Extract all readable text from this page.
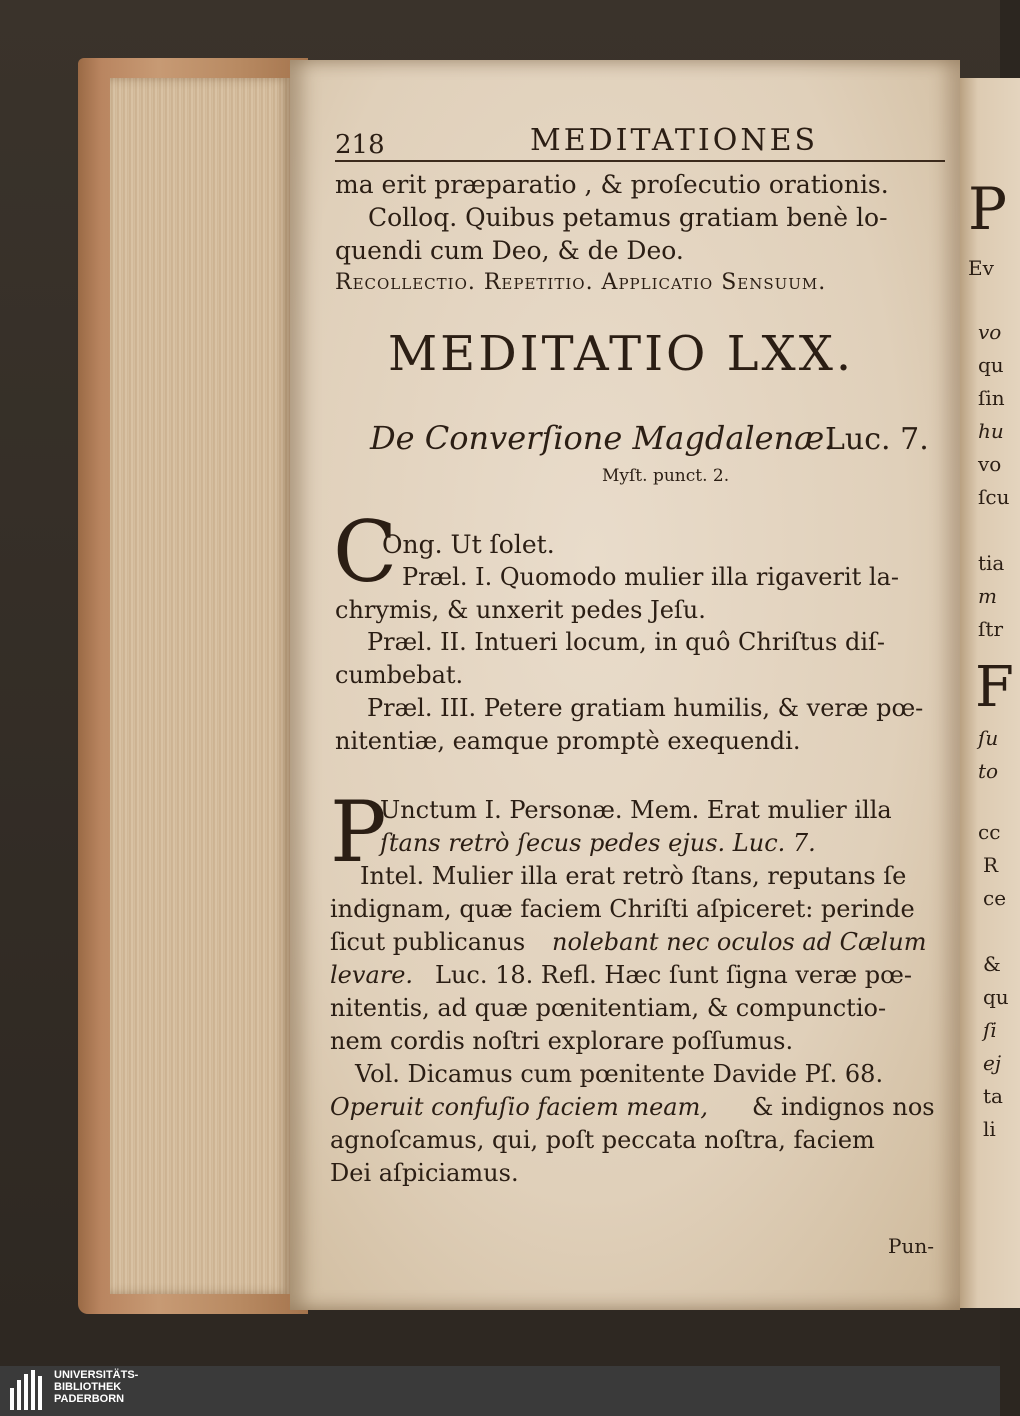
218	MEDITATIONES
ma erit præparatio , & proſecutio orationis.
Colloq. Quibus petamus gratiam benè lo-
quendi cum Deo, & de Deo.
Recollectio. Repetitio. Applicatio Sensuum.
MEDITATIO LXX.
De Converſione Magdalenæ.
Luc. 7.
Myſt. punct. 2.
C
Ong. Ut ſolet.
Præl. I. Quomodo mulier illa rigaverit la-
chrymis, & unxerit pedes Jeſu.
Præl. II. Intueri locum, in quô Chriſtus diſ-
cumbebat.
Præl. III. Petere gratiam humilis, & veræ pœ-
nitentiæ, eamque promptè exequendi.
P
Unctum I. Personæ. Mem. Erat mulier illa
ſtans retrò ſecus pedes ejus. Luc. 7.
Intel. Mulier illa erat retrò ſtans, reputans ſe
indignam, quæ faciem Chriſti aſpiceret: perinde
ſicut publicanus nolebant nec oculos ad Cælum
levare. Luc. 18. Refl. Hæc ſunt ſigna veræ pœ-
nitentis, ad quæ pœnitentiam, & compunctio-
nem cordis noſtri explorare poſſumus.
Vol. Dicamus cum pœnitente Davide Pſ. 68.
Operuit confuſio faciem meam, & indignos nos
agnoſcamus, qui, poſt peccata noſtra, faciem
Dei aſpiciamus.
Pun-
P
Ev
vo
qu
ſin
hu
vo
ſcu
tia
m
ſtr
F
ſu
to
cc
R
ce
&
qu
ſi
ej
ta
li
UNIVERSITÄTS-
BIBLIOTHEK
PADERBORN
